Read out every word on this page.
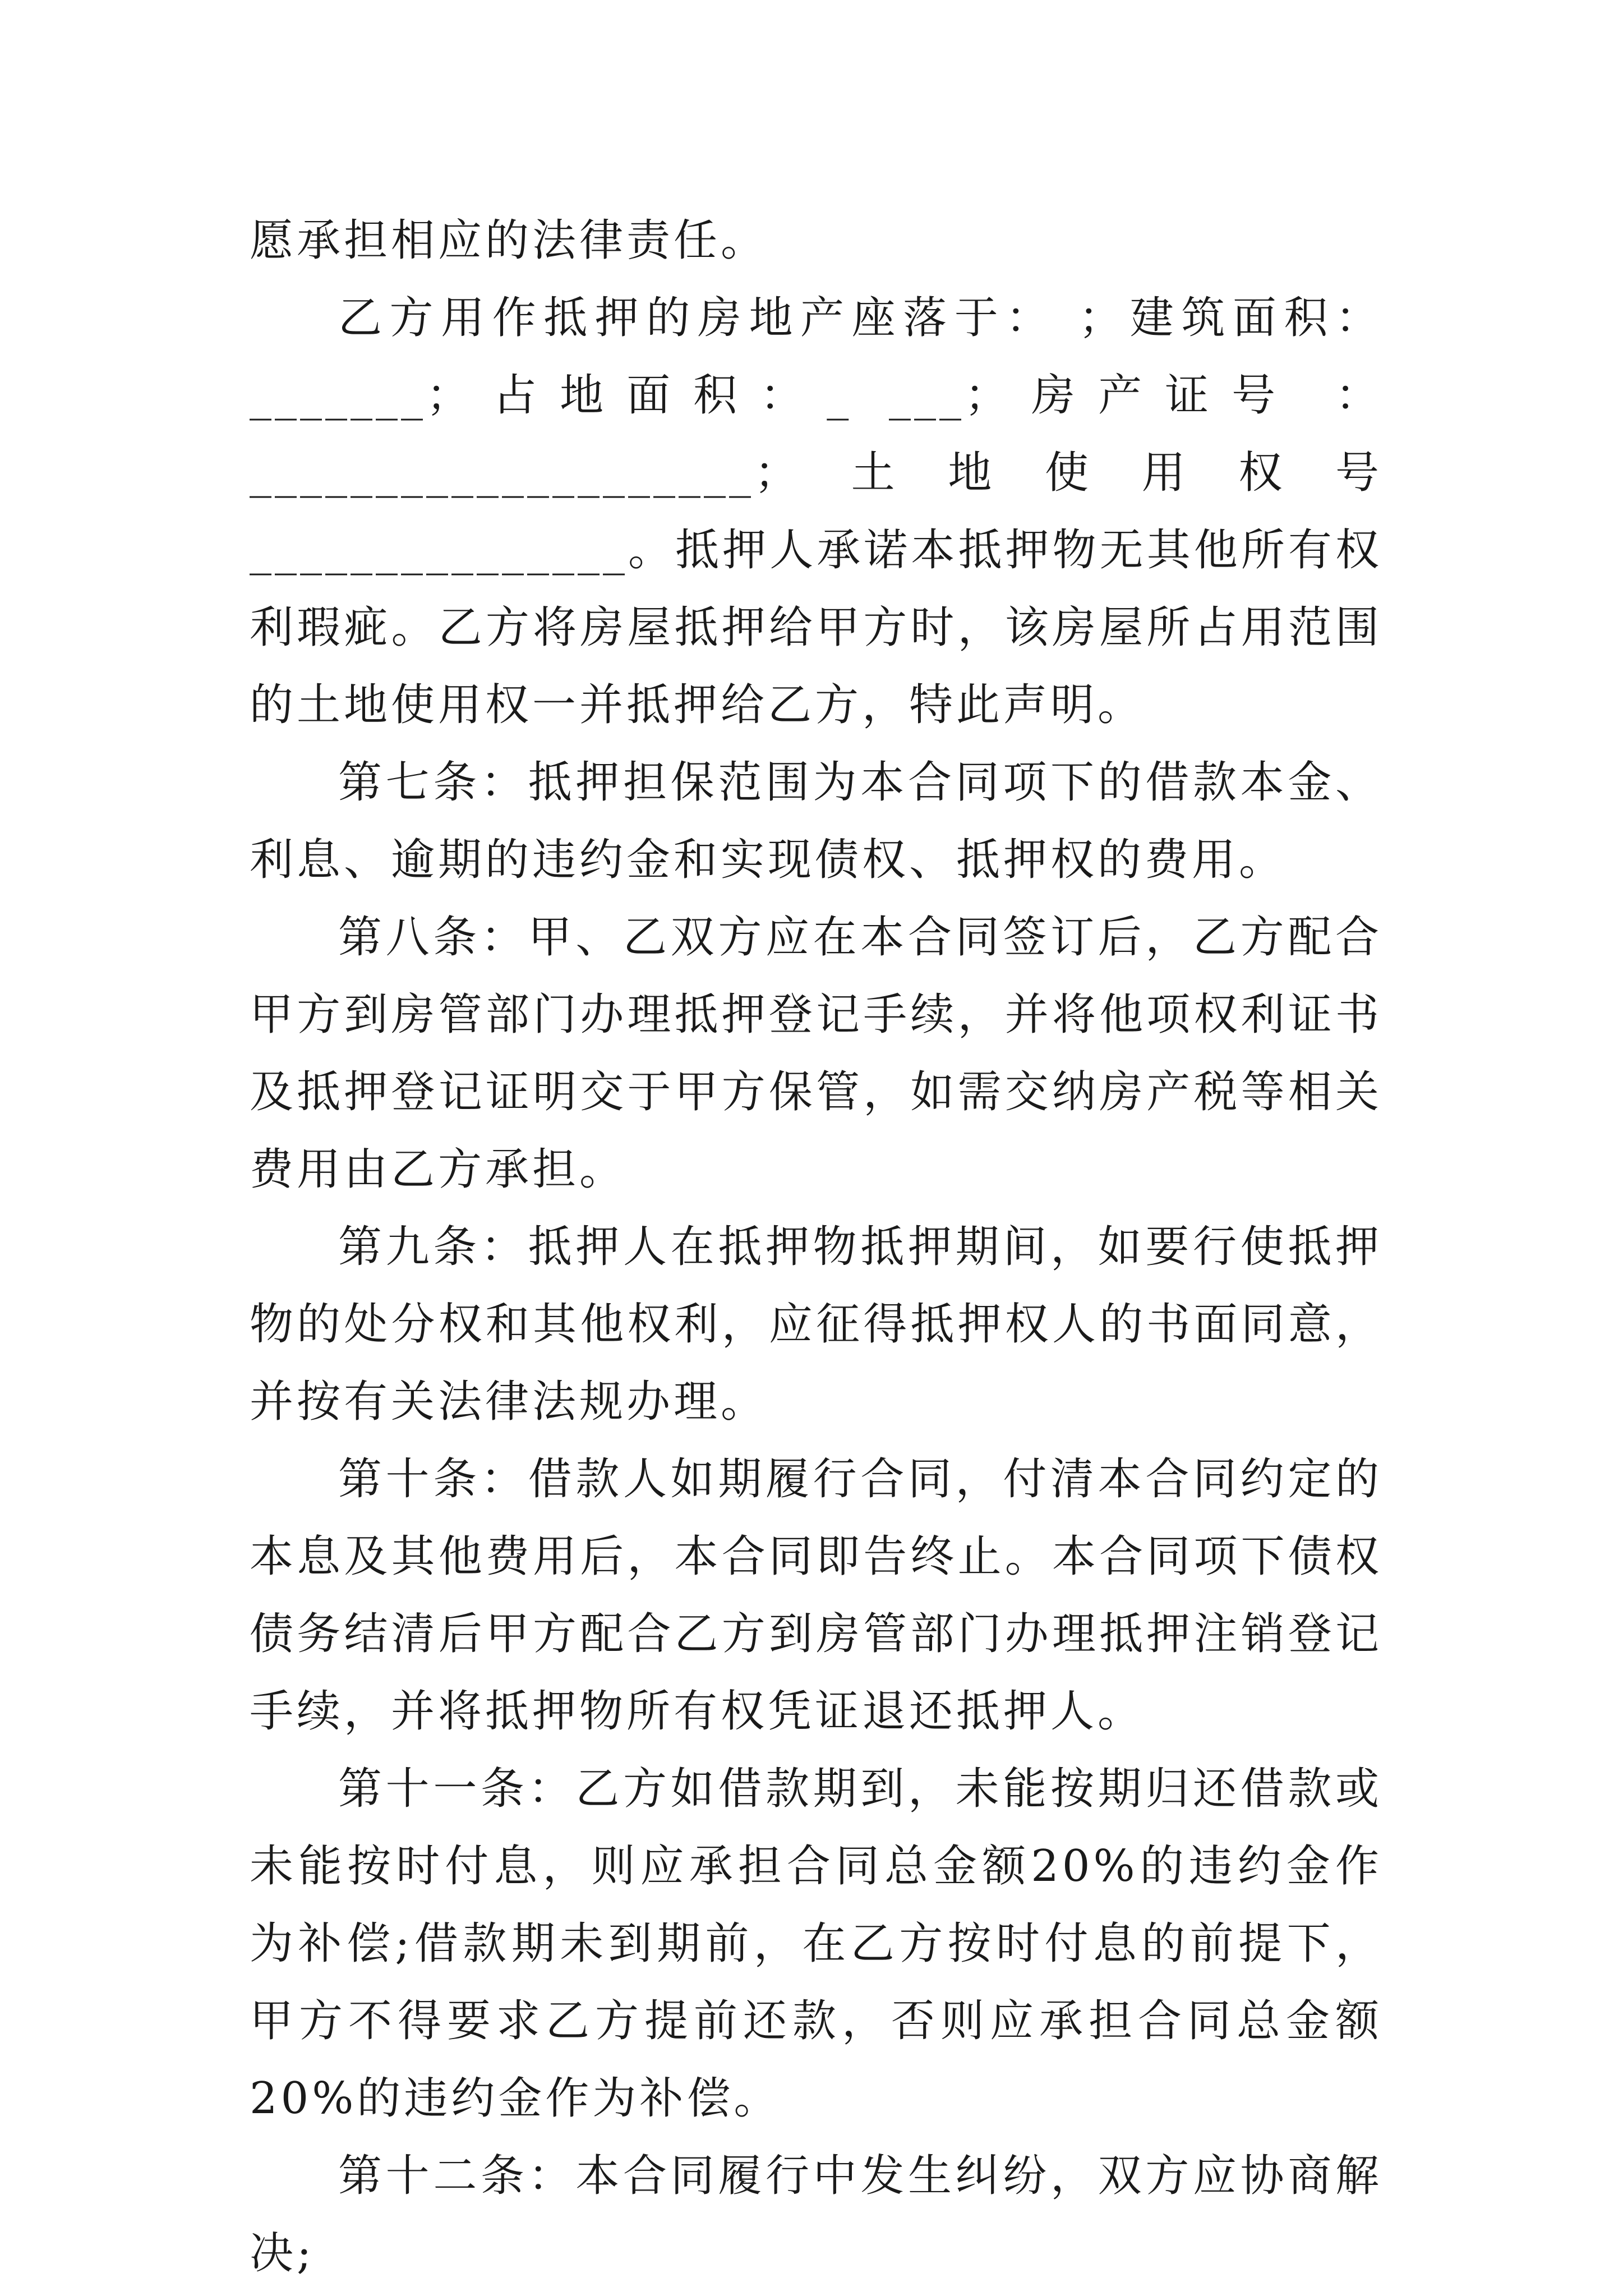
愿承担相应的法律责任。

乙方用作抵押的房地产座落于： ；建筑面积：_______；占地面积：_ ___；房产证号 ：____________________；土地使用权号_______________。抵押人承诺本抵押物无其他所有权利瑕疵。乙方将房屋抵押给甲方时，该房屋所占用范围的土地使用权一并抵押给乙方，特此声明。

第七条：抵押担保范围为本合同项下的借款本金、利息、逾期的违约金和实现债权、抵押权的费用。

第八条：甲、乙双方应在本合同签订后，乙方配合甲方到房管部门办理抵押登记手续，并将他项权利证书及抵押登记证明交于甲方保管，如需交纳房产税等相关费用由乙方承担。

第九条：抵押人在抵押物抵押期间，如要行使抵押物的处分权和其他权利，应征得抵押权人的书面同意，并按有关法律法规办理。

第十条：借款人如期履行合同，付清本合同约定的本息及其他费用后，本合同即告终止。本合同项下债权债务结清后甲方配合乙方到房管部门办理抵押注销登记手续，并将抵押物所有权凭证退还抵押人。

第十一条：乙方如借款期到，未能按期归还借款或未能按时付息，则应承担合同总金额20%的违约金作为补偿;借款期未到期前，在乙方按时付息的前提下，甲方不得要求乙方提前还款，否则应承担合同总金额20%的违约金作为补偿。

第十二条：本合同履行中发生纠纷，双方应协商解决;
